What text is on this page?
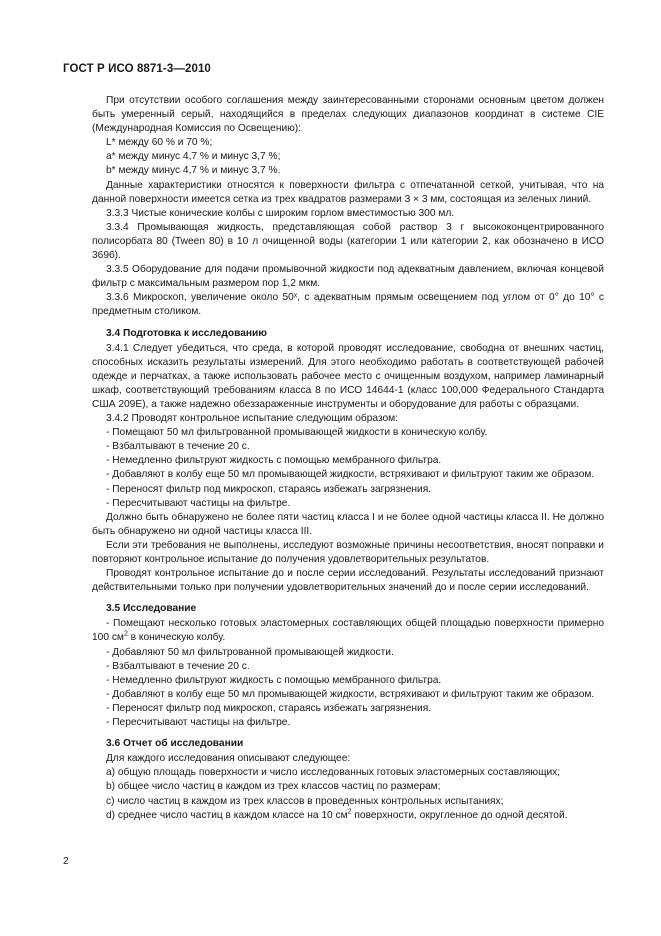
ГОСТ Р ИСО 8871-3—2010

При отсутствии особого соглашения между заинтересованными сторонами основным цветом должен быть умеренный серый, находящийся в пределах следующих диапазонов координат в системе CIE (Международная Комиссия по Освещению):

L* между 60 % и 70 %;

a* между минус 4,7 % и минус 3,7 %;

b* между минус 4,7 % и минус 3,7 %.

Данные характеристики относятся к поверхности фильтра с отпечатанной сеткой, учитывая, что на данной поверхности имеется сетка из трех квадратов размерами 3 × 3 мм, состоящая из зеленых линий.

3.3.3 Чистые конические колбы с широким горлом вместимостью 300 мл.

3.3.4 Промывающая жидкость, представляющая собой раствор 3 г высококонцентрированного полисорбата 80 (Tween 80) в 10 л очищенной воды (категории 1 или категории 2, как обозначено в ИСО 3696).

3.3.5 Оборудование для подачи промывочной жидкости под адекватным давлением, включая концевой фильтр с максимальным размером пор 1,2 мкм.

3.3.6 Микроскоп, увеличение около 50ˣ, с адекватным прямым освещением под углом от 0° до 10° с предметным столиком.

3.4 Подготовка к исследованию

3.4.1 Следует убедиться, что среда, в которой проводят исследование, свободна от внешних частиц, способных исказить результаты измерений. Для этого необходимо работать в соответствующей рабочей одежде и перчатках, а также использовать рабочее место с очищенным воздухом, например ламинарный шкаф, соответствующий требованиям класса 8 по ИСО 14644-1 (класс 100,000 Федерального Стандарта США 209E), а также надежно обеззараженные инструменты и оборудование для работы с образцами.

3.4.2 Проводят контрольное испытание следующим образом:

- Помещают 50 мл фильтрованной промывающей жидкости в коническую колбу.

- Взбалтывают в течение 20 с.

- Немедленно фильтруют жидкость с помощью мембранного фильтра.

- Добавляют в колбу еще 50 мл промывающей жидкости, встряхивают и фильтруют таким же образом.

- Переносят фильтр под микроскоп, стараясь избежать загрязнения.

- Пересчитывают частицы на фильтре.

Должно быть обнаружено не более пяти частиц класса I и не более одной частицы класса II. Не должно быть обнаружено ни одной частицы класса III.

Если эти требования не выполнены, исследуют возможные причины несоответствия, вносят поправки и повторяют контрольное испытание до получения удовлетворительных результатов.

Проводят контрольное испытание до и после серии исследований. Результаты исследований признают действительными только при получении удовлетворительных значений до и после серии исследований.

3.5 Исследование

- Помещают несколько готовых эластомерных составляющих общей площадью поверхности примерно 100 $см^2$ в коническую колбу.

- Добавляют 50 мл фильтрованной промывающей жидкости.

- Взбалтывают в течение 20 с.

- Немедленно фильтруют жидкость с помощью мембранного фильтра.

- Добавляют в колбу еще 50 мл промывающей жидкости, встряхивают и фильтруют таким же образом.

- Переносят фильтр под микроскоп, стараясь избежать загрязнения.

- Пересчитывают частицы на фильтре.

3.6 Отчет об исследовании

Для каждого исследования описывают следующее:

a) общую площадь поверхности и число исследованных готовых эластомерных составляющих;

b) общее число частиц в каждом из трех классов частиц по размерам;

c) число частиц в каждом из трех классов в проведенных контрольных испытаниях;

d) среднее число частиц в каждом классе на 10 $см^2$ поверхности, округленное до одной десятой.

2
